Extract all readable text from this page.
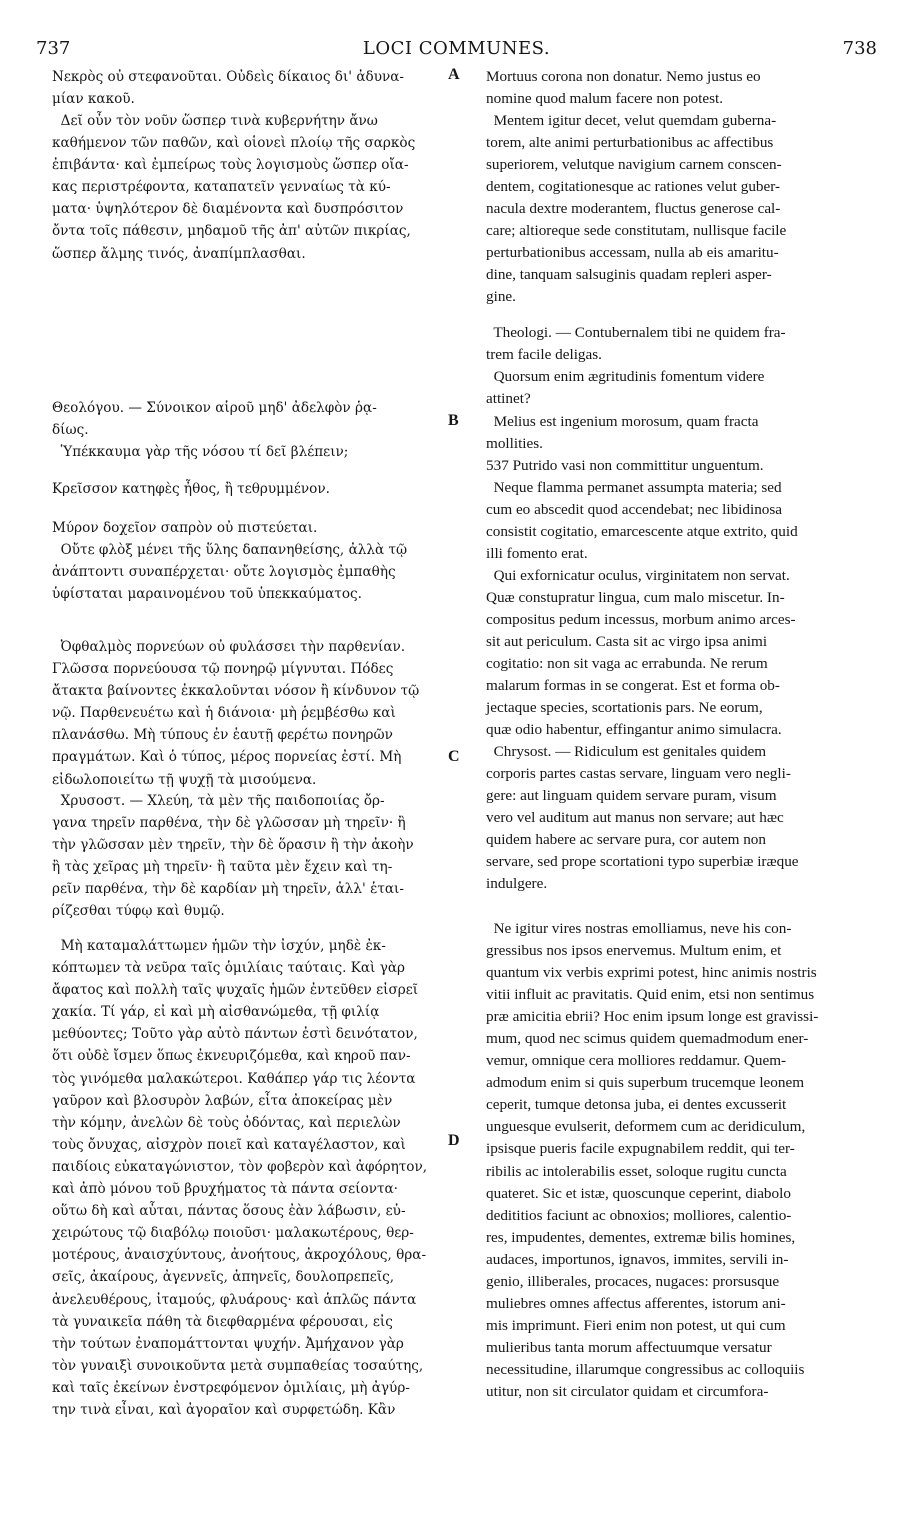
737	LOCI COMMUNES.	738
Νεκρὸς οὐ στεφανοῦται. Οὐδεὶς δίκαιος δι' ἀδυνα-
μίαν κακοῦ.
Δεῖ οὖν τὸν νοῦν ὥσπερ τινὰ κυβερνήτην ἄνω
καθήμενον τῶν παθῶν, καὶ οἱονεὶ πλοίῳ τῆς σαρκὸς
ἐπιβάντα· καὶ ἐμπείρως τοὺς λογισμοὺς ὥσπερ οἴα-
κας περιστρέφοντα, καταπατεῖν γενναίως τὰ κύ-
ματα· ὑψηλότερον δὲ διαμένοντα καὶ δυσπρόσιτον
ὄντα τοῖς πάθεσιν, μηδαμοῦ τῆς ἀπ' αὐτῶν πικρίας,
ὥσπερ ἄλμης τινός, ἀναπίμπλασθαι.
Θεολόγου. — Σύνοικον αἱροῦ μηδ' ἀδελφὸν ῥᾳ-
δίως.
Ὑπέκκαυμα γὰρ τῆς νόσου τί δεῖ βλέπειν;
Κρεῖσσον κατηφὲς ἦθος, ἢ τεθρυμμένον.
Μύρον δοχεῖον σαπρὸν οὐ πιστεύεται.
Οὔτε φλὸξ μένει τῆς ὕλης δαπανηθείσης, ἀλλὰ τῷ
ἀνάπτοντι συναπέρχεται· οὔτε λογισμὸς ἐμπαθὴς
ὑφίσταται μαραινομένου τοῦ ὑπεκκαύματος.
Ὀφθαλμὸς πορνεύων οὐ φυλάσσει τὴν παρθενίαν.
Γλῶσσα πορνεύουσα τῷ πονηρῷ μίγνυται. Πόδες
ἄτακτα βαίνοντες ἐκκαλοῦνται νόσον ἢ κίνδυνον τῷ
νῷ. Παρθενευέτω καὶ ἡ διάνοια· μὴ ῥεμβέσθω καὶ
πλανάσθω. Μὴ τύπους ἐν ἑαυτῇ φερέτω πονηρῶν
πραγμάτων. Καὶ ὁ τύπος, μέρος πορνείας ἐστί. Μὴ
εἰδωλοποιείτω τῇ ψυχῇ τὰ μισούμενα.
Χρυσοστ. — Χλεύη, τὰ μὲν τῆς παιδοποιίας ὄρ-
γανα τηρεῖν παρθένα, τὴν δὲ γλῶσσαν μὴ τηρεῖν· ἢ
τὴν γλῶσσαν μὲν τηρεῖν, τὴν δὲ ὅρασιν ἢ τὴν ἀκοὴν
ἢ τὰς χεῖρας μὴ τηρεῖν· ἢ ταῦτα μὲν ἔχειν καὶ τη-
ρεῖν παρθένα, τὴν δὲ καρδίαν μὴ τηρεῖν, ἀλλ' ἑται-
ρίζεσθαι τύφῳ καὶ θυμῷ.
Μὴ καταμαλάττωμεν ἡμῶν τὴν ἰσχύν, μηδὲ ἐκ-
κόπτωμεν τὰ νεῦρα ταῖς ὁμιλίαις ταύταις. Καὶ γὰρ
ἄφατος καὶ πολλὴ ταῖς ψυχαῖς ἡμῶν ἐντεῦθεν εἰσρεῖ
χακία. Τί γάρ, εἰ καὶ μὴ αἰσθανώμεθα, τῇ φιλίᾳ
μεθύοντες; Τοῦτο γὰρ αὐτὸ πάντων ἐστὶ δεινότατον,
ὅτι οὐδὲ ἴσμεν ὅπως ἐκνευριζόμεθα, καὶ κηροῦ παν-
τὸς γινόμεθα μαλακώτεροι. Καθάπερ γάρ τις λέοντα
γαῦρον καὶ βλοσυρὸν λαβών, εἶτα ἀποκείρας μὲν
τὴν κόμην, ἀνελὼν δὲ τοὺς ὀδόντας, καὶ περιελὼν
τοὺς ὄνυχας, αἰσχρὸν ποιεῖ καὶ καταγέλαστον, καὶ
παιδίοις εὐκαταγώνιστον, τὸν φοβερὸν καὶ ἀφόρητον,
καὶ ἀπὸ μόνου τοῦ βρυχήματος τὰ πάντα σείοντα·
οὕτω δὴ καὶ αὗται, πάντας ὅσους ἐὰν λάβωσιν, εὐ-
χειρώτους τῷ διαβόλῳ ποιοῦσι· μαλακωτέρους, θερ-
μοτέρους, ἀναισχύντους, ἀνοήτους, ἀκροχόλους, θρα-
σεῖς, ἀκαίρους, ἀγεννεῖς, ἀπηνεῖς, δουλοπρεπεῖς,
ἀνελευθέρους, ἰταμούς, φλυάρους· καὶ ἁπλῶς πάντα
τὰ γυναικεῖα πάθη τὰ διεφθαρμένα φέρουσαι, εἰς
τὴν τούτων ἐναπομάττονται ψυχήν. Ἀμήχανον γὰρ
τὸν γυναιξὶ συνοικοῦντα μετὰ συμπαθείας τοσαύτης,
καὶ ταῖς ἐκείνων ἐνστρεφόμενον ὁμιλίαις, μὴ ἀγύρ-
την τινὰ εἶναι, καὶ ἀγοραῖον καὶ συρφετώδη. Κἂν
A
B
C
D
Mortuus corona non donatur. Nemo justus eo
nomine quod malum facere non potest.
Mentem igitur decet, velut quemdam guberna-
torem, alte animi perturbationibus ac affectibus
superiorem, velutque navigium carnem conscen-
dentem, cogitationesque ac rationes velut guber-
nacula dextre moderantem, fluctus generose cal-
care; altioreque sede constitutam, nullisque facile
perturbationibus accessam, nulla ab eis amaritu-
dine, tanquam salsuginis quadam repleri asper-
gine.
Theologi. — Contubernalem tibi ne quidem fra-
trem facile deligas.
Quorsum enim ægritudinis fomentum videre
attinet?
Melius est ingenium morosum, quam fracta
mollities.
537 Putrido vasi non committitur unguentum.
Neque flamma permanet assumpta materia; sed
cum eo abscedit quod accendebat; nec libidinosa
consistit cogitatio, emarcescente atque extrito, quid
illi fomento erat.
Qui exfornicatur oculus, virginitatem non servat.
Quæ constupratur lingua, cum malo miscetur. In-
compositus pedum incessus, morbum animo arces-
sit aut periculum. Casta sit ac virgo ipsa animi
cogitatio: non sit vaga ac errabunda. Ne rerum
malarum formas in se congerat. Est et forma ob-
jectaque species, scortationis pars. Ne eorum,
quæ odio habentur, effingantur animo simulacra.
Chrysost. — Ridiculum est genitales quidem
corporis partes castas servare, linguam vero negli-
gere: aut linguam quidem servare puram, visum
vero vel auditum aut manus non servare; aut hæc
quidem habere ac servare pura, cor autem non
servare, sed prope scortationi typo superbiæ iræque
indulgere.
Ne igitur vires nostras emolliamus, neve his con-
gressibus nos ipsos enervemus. Multum enim, et
quantum vix verbis exprimi potest, hinc animis nostris
vitii influit ac pravitatis. Quid enim, etsi non sentimus
præ amicitia ebrii? Hoc enim ipsum longe est gravissi-
mum, quod nec scimus quidem quemadmodum ener-
vemur, omnique cera molliores reddamur. Quem-
admodum enim si quis superbum trucemque leonem
ceperit, tumque detonsa juba, ei dentes excusserit
unguesque evulserit, deformem cum ac deridiculum,
ipsisque pueris facile expugnabilem reddit, qui ter-
ribilis ac intolerabilis esset, soloque rugitu cuncta
quateret. Sic et istæ, quoscunque ceperint, diabolo
dedititios faciunt ac obnoxios; molliores, calentio-
res, impudentes, dementes, extremæ bilis homines,
audaces, importunos, ignavos, immites, servili in-
genio, illiberales, procaces, nugaces: prorsusque
muliebres omnes affectus afferentes, istorum ani-
mis imprimunt. Fieri enim non potest, ut qui cum
mulieribus tanta morum affectuumque versatur
necessitudine, illarumque congressibus ac colloquiis
utitur, non sit circulator quidam et circumfora-
